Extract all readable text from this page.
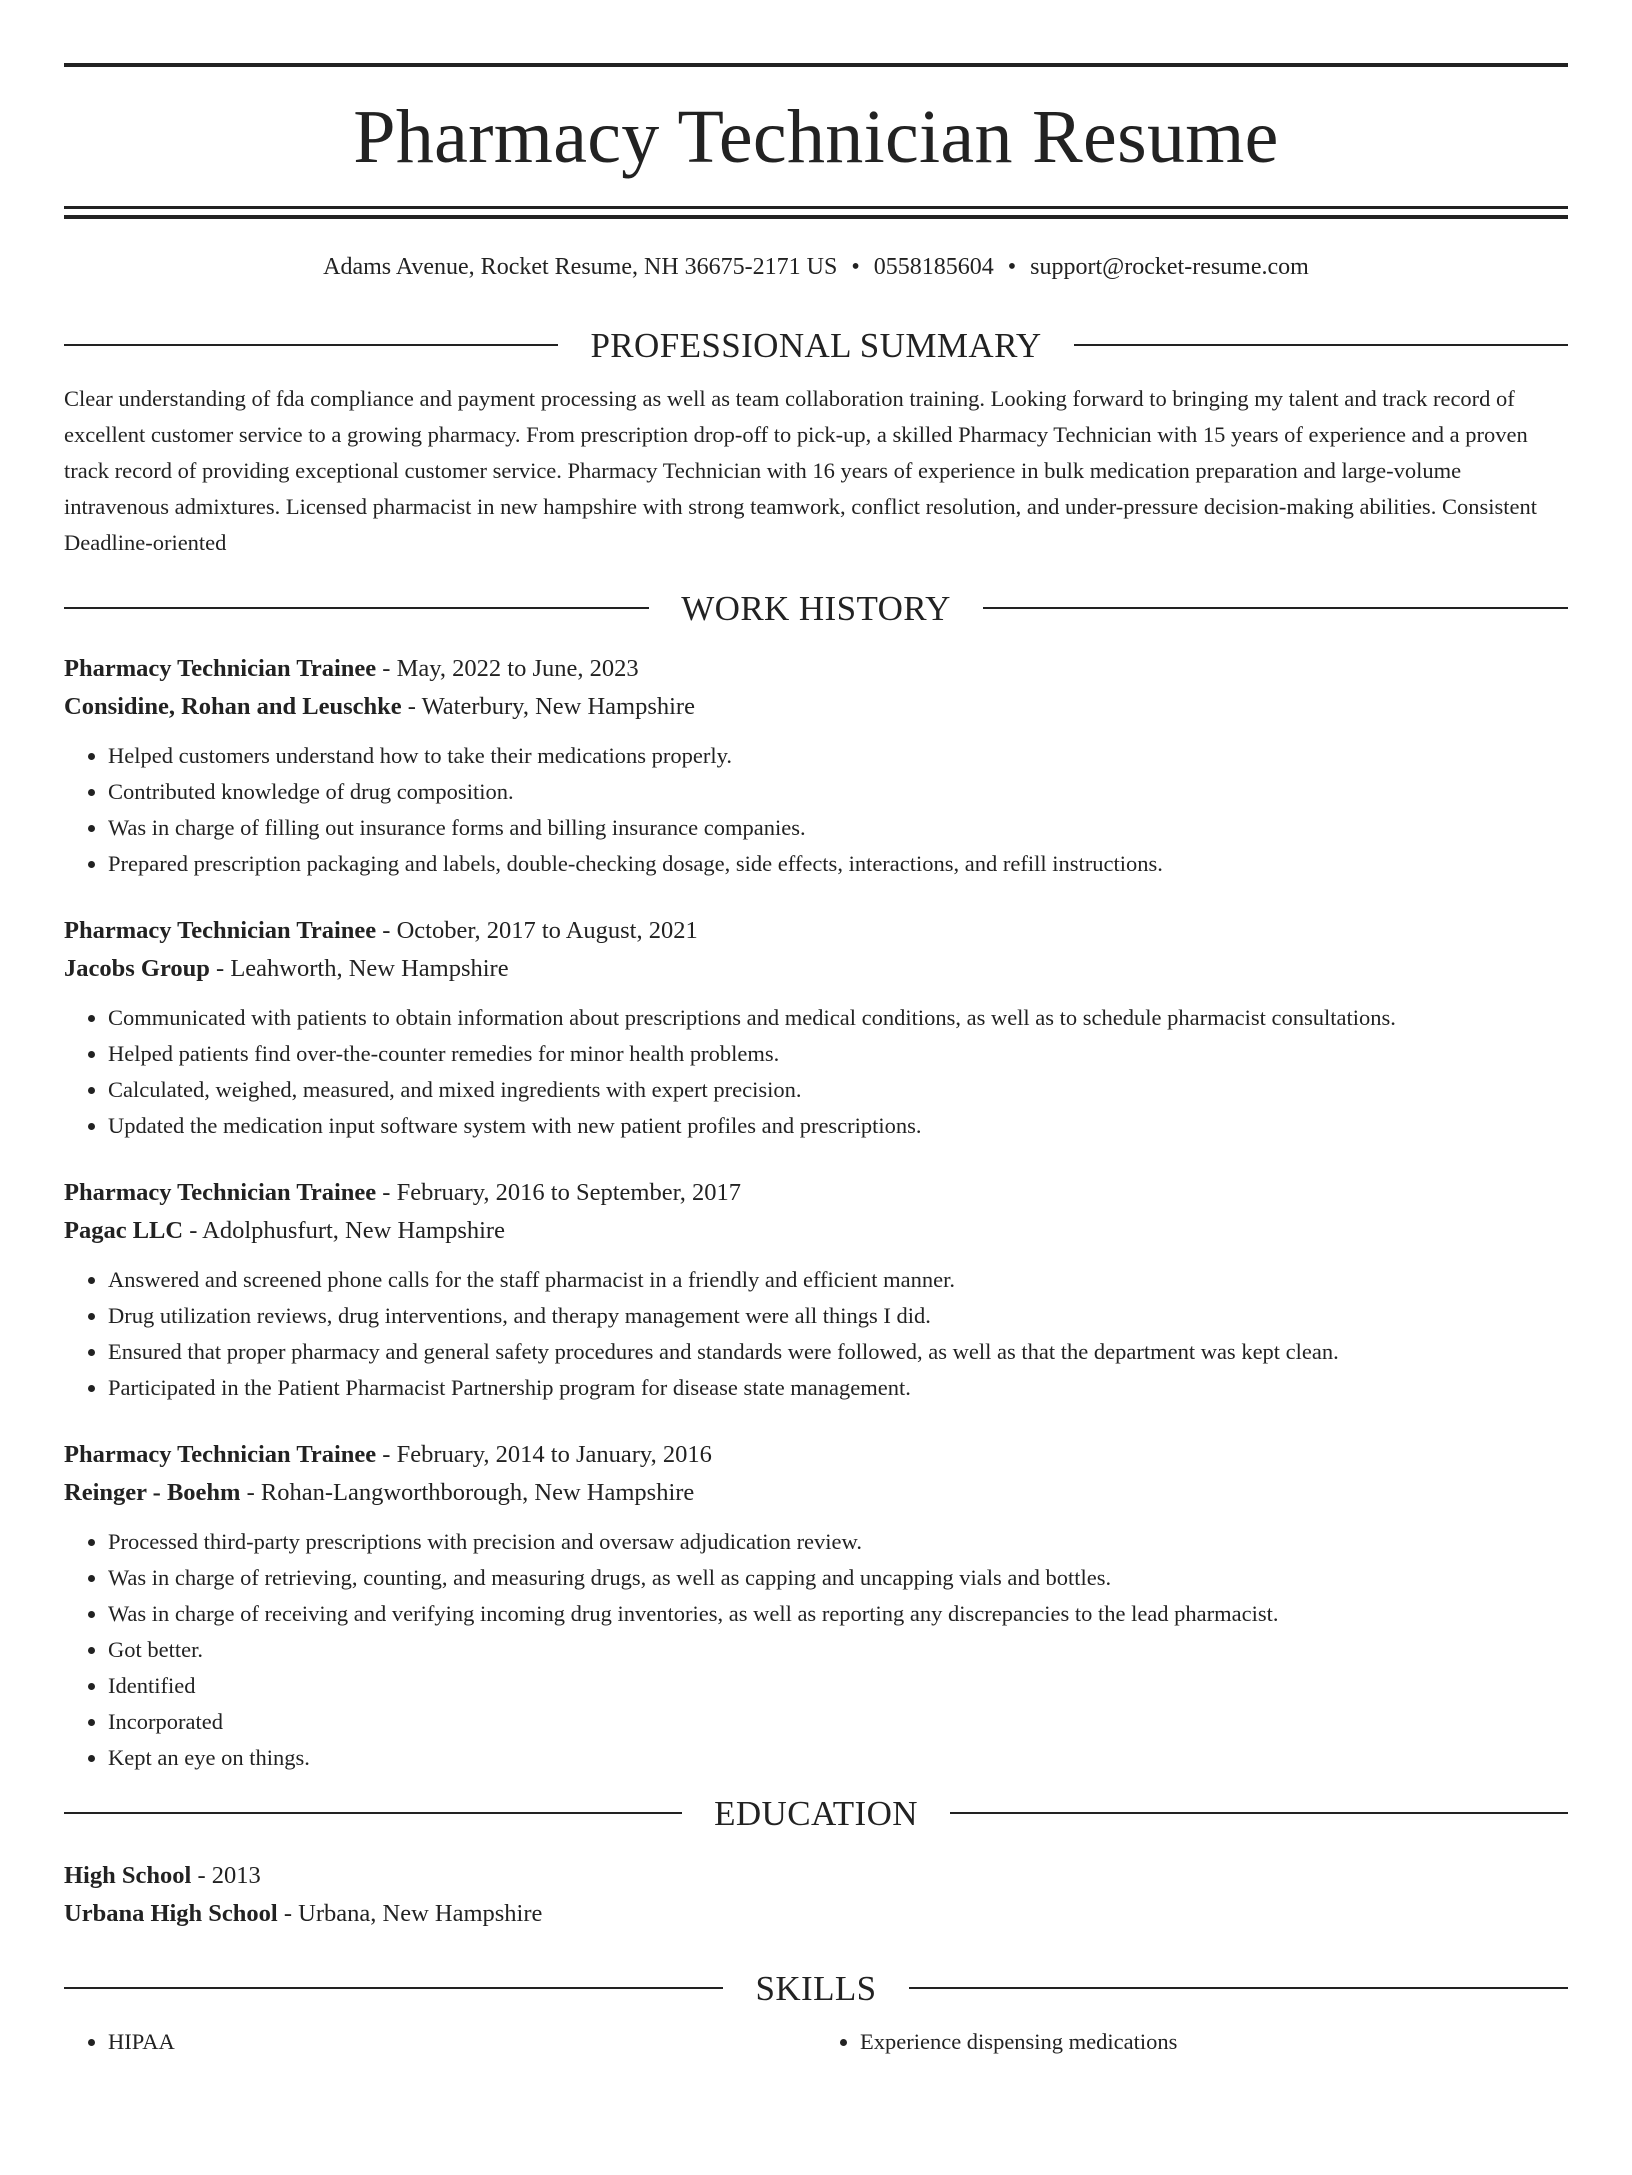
Pharmacy Technician Resume
Adams Avenue, Rocket Resume, NH 36675-2171 US • 0558185604 • support@rocket-resume.com
PROFESSIONAL SUMMARY
Clear understanding of fda compliance and payment processing as well as team collaboration training. Looking forward to bringing my talent and track record of excellent customer service to a growing pharmacy. From prescription drop-off to pick-up, a skilled Pharmacy Technician with 15 years of experience and a proven track record of providing exceptional customer service. Pharmacy Technician with 16 years of experience in bulk medication preparation and large-volume intravenous admixtures. Licensed pharmacist in new hampshire with strong teamwork, conflict resolution, and under-pressure decision-making abilities. Consistent Deadline-oriented
WORK HISTORY
Pharmacy Technician Trainee - May, 2022 to June, 2023
Considine, Rohan and Leuschke - Waterbury, New Hampshire
• Helped customers understand how to take their medications properly.
• Contributed knowledge of drug composition.
• Was in charge of filling out insurance forms and billing insurance companies.
• Prepared prescription packaging and labels, double-checking dosage, side effects, interactions, and refill instructions.
Pharmacy Technician Trainee - October, 2017 to August, 2021
Jacobs Group - Leahworth, New Hampshire
• Communicated with patients to obtain information about prescriptions and medical conditions, as well as to schedule pharmacist consultations.
• Helped patients find over-the-counter remedies for minor health problems.
• Calculated, weighed, measured, and mixed ingredients with expert precision.
• Updated the medication input software system with new patient profiles and prescriptions.
Pharmacy Technician Trainee - February, 2016 to September, 2017
Pagac LLC - Adolphusfurt, New Hampshire
• Answered and screened phone calls for the staff pharmacist in a friendly and efficient manner.
• Drug utilization reviews, drug interventions, and therapy management were all things I did.
• Ensured that proper pharmacy and general safety procedures and standards were followed, as well as that the department was kept clean.
• Participated in the Patient Pharmacist Partnership program for disease state management.
Pharmacy Technician Trainee - February, 2014 to January, 2016
Reinger - Boehm - Rohan-Langworthborough, New Hampshire
• Processed third-party prescriptions with precision and oversaw adjudication review.
• Was in charge of retrieving, counting, and measuring drugs, as well as capping and uncapping vials and bottles.
• Was in charge of receiving and verifying incoming drug inventories, as well as reporting any discrepancies to the lead pharmacist.
• Got better.
• Identified
• Incorporated
• Kept an eye on things.
EDUCATION
High School - 2013
Urbana High School - Urbana, New Hampshire
SKILLS
• HIPAA
•	Experience dispensing medications
